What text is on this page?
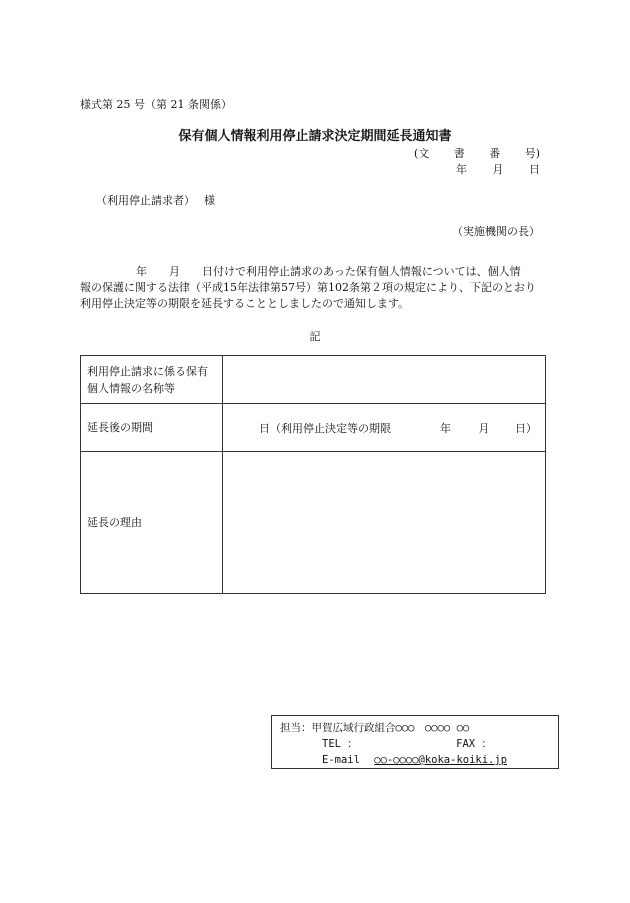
様式第 25 号（第 21 条関係）
保有個人情報利用停止請求決定期間延長通知書
(文 書 番 号)
年 月 日
（利用停止請求者）　 様
（実施機関の長）
年　　月　　日付けで利用停止請求のあった保有個人情報については、個人情
報の保護に関する法律（平成15年法律第57号）第102条第２項の規定により、下記のとおり
利用停止決定等の期限を延長することとしましたので通知します。
記
利用停止請求に係る保有個人情報の名称等	
延長後の期間	日（利用停止決定等の期限 年 月 日）

延長の理由	
担当：甲賀広域行政組合○○○　○○○○ ○○
TEL ：	FAX ：
E-mail ○○-○○○○@koka-koiki.jp
